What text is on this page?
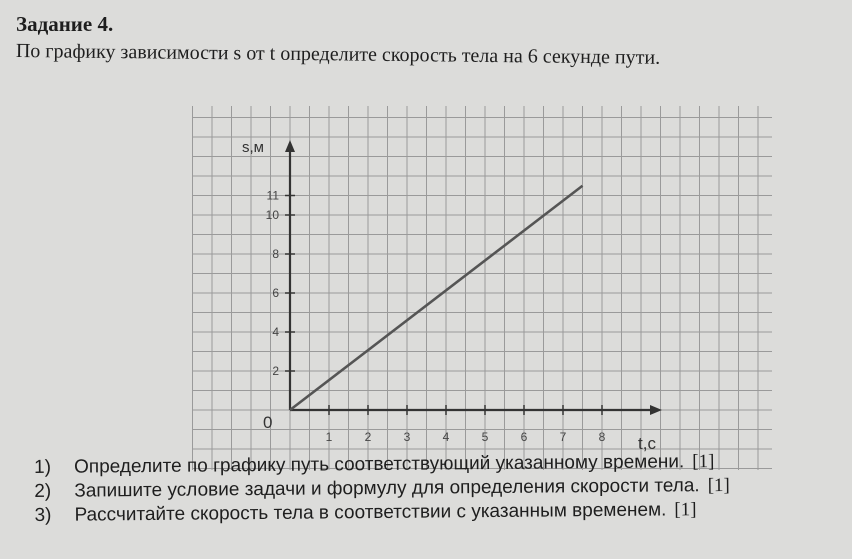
Задание 4.

По графику зависимости s от t определите скорость тела на 6 секунде пути.

1	2	3	4	5	6	7	8
2
4
6
8
10
11
s,м
t,c
0
1) Определите по графику путь соответствующий указанному времени. [1]
2) Запишите условие задачи и формулу для определения скорости тела. [1]
3) Рассчитайте скорость тела в соответствии с указанным временем. [1]
